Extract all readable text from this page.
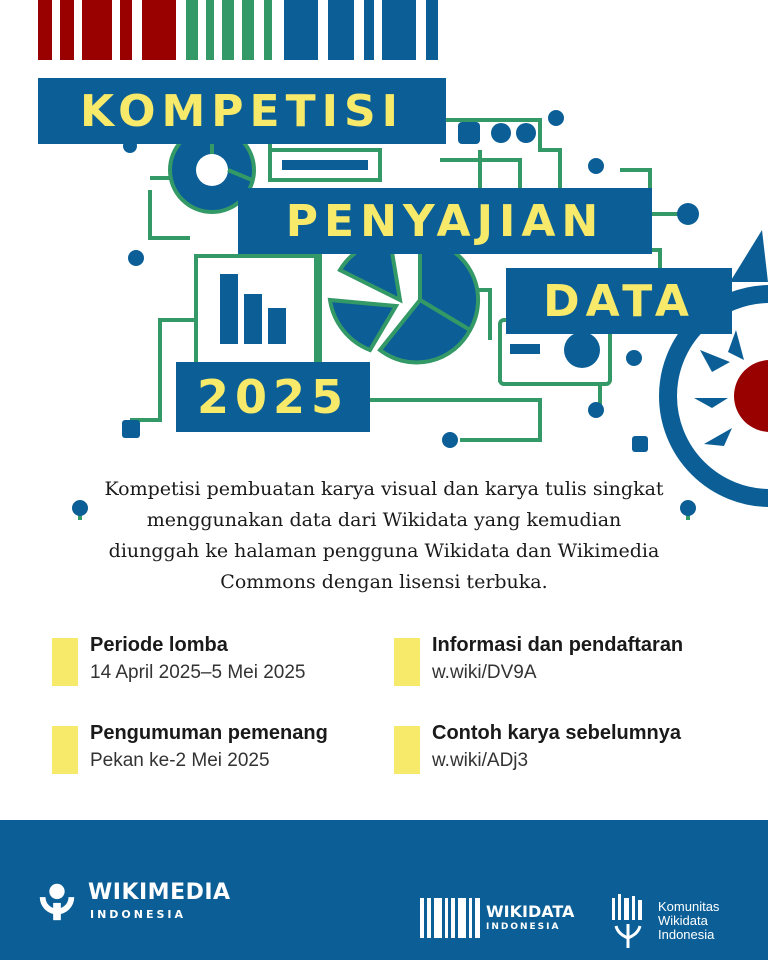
KOMPETISI
PENYAJIAN
DATA
2025

Kompetisi pembuatan karya visual dan karya tulis singkat menggunakan data dari Wikidata yang kemudian diunggah ke halaman pengguna Wikidata dan Wikimedia Commons dengan lisensi terbuka.

Periode lomba
14 April 2025–5 Mei 2025
Informasi dan pendaftaran
w.wiki/DV9A
Pengumuman pemenang
Pekan ke-2 Mei 2025
Contoh karya sebelumnya
w.wiki/ADj3
WIKIMEDIA
INDONESIA	WIKIDATA
INDONESIA
Komunitas
Wikidata
Indonesia
